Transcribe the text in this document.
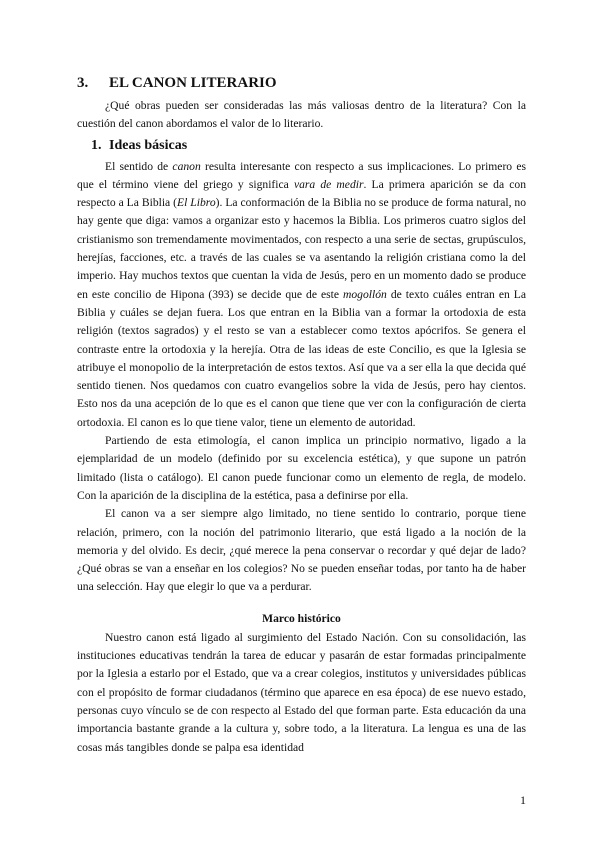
3. EL CANON LITERARIO

¿Qué obras pueden ser consideradas las más valiosas dentro de la literatura? Con la cuestión del canon abordamos el valor de lo literario.

1. Ideas básicas

El sentido de canon resulta interesante con respecto a sus implicaciones. Lo primero es que el término viene del griego y significa vara de medir. La primera aparición se da con respecto a La Biblia (El Libro). La conformación de la Biblia no se produce de forma natural, no hay gente que diga: vamos a organizar esto y hacemos la Biblia. Los primeros cuatro siglos del cristianismo son tremendamente movimentados, con respecto a una serie de sectas, grupúsculos, herejías, facciones, etc. a través de las cuales se va asentando la religión cristiana como la del imperio. Hay muchos textos que cuentan la vida de Jesús, pero en un momento dado se produce en este concilio de Hipona (393) se decide que de este mogollón de texto cuáles entran en La Biblia y cuáles se dejan fuera. Los que entran en la Biblia van a formar la ortodoxia de esta religión (textos sagrados) y el resto se van a establecer como textos apócrifos. Se genera el contraste entre la ortodoxia y la herejía. Otra de las ideas de este Concilio, es que la Iglesia se atribuye el monopolio de la interpretación de estos textos. Así que va a ser ella la que decida qué sentido tienen. Nos quedamos con cuatro evangelios sobre la vida de Jesús, pero hay cientos. Esto nos da una acepción de lo que es el canon que tiene que ver con la configuración de cierta ortodoxia. El canon es lo que tiene valor, tiene un elemento de autoridad.

Partiendo de esta etimología, el canon implica un principio normativo, ligado a la ejemplaridad de un modelo (definido por su excelencia estética), y que supone un patrón limitado (lista o catálogo). El canon puede funcionar como un elemento de regla, de modelo. Con la aparición de la disciplina de la estética, pasa a definirse por ella.

El canon va a ser siempre algo limitado, no tiene sentido lo contrario, porque tiene relación, primero, con la noción del patrimonio literario, que está ligado a la noción de la memoria y del olvido. Es decir, ¿qué merece la pena conservar o recordar y qué dejar de lado? ¿Qué obras se van a enseñar en los colegios? No se pueden enseñar todas, por tanto ha de haber una selección. Hay que elegir lo que va a perdurar.

Marco histórico

Nuestro canon está ligado al surgimiento del Estado Nación. Con su consolidación, las instituciones educativas tendrán la tarea de educar y pasarán de estar formadas principalmente por la Iglesia a estarlo por el Estado, que va a crear colegios, institutos y universidades públicas con el propósito de formar ciudadanos (término que aparece en esa época) de ese nuevo estado, personas cuyo vínculo se de con respecto al Estado del que forman parte. Esta educación da una importancia bastante grande a la cultura y, sobre todo, a la literatura. La lengua es una de las cosas más tangibles donde se palpa esa identidad

1
